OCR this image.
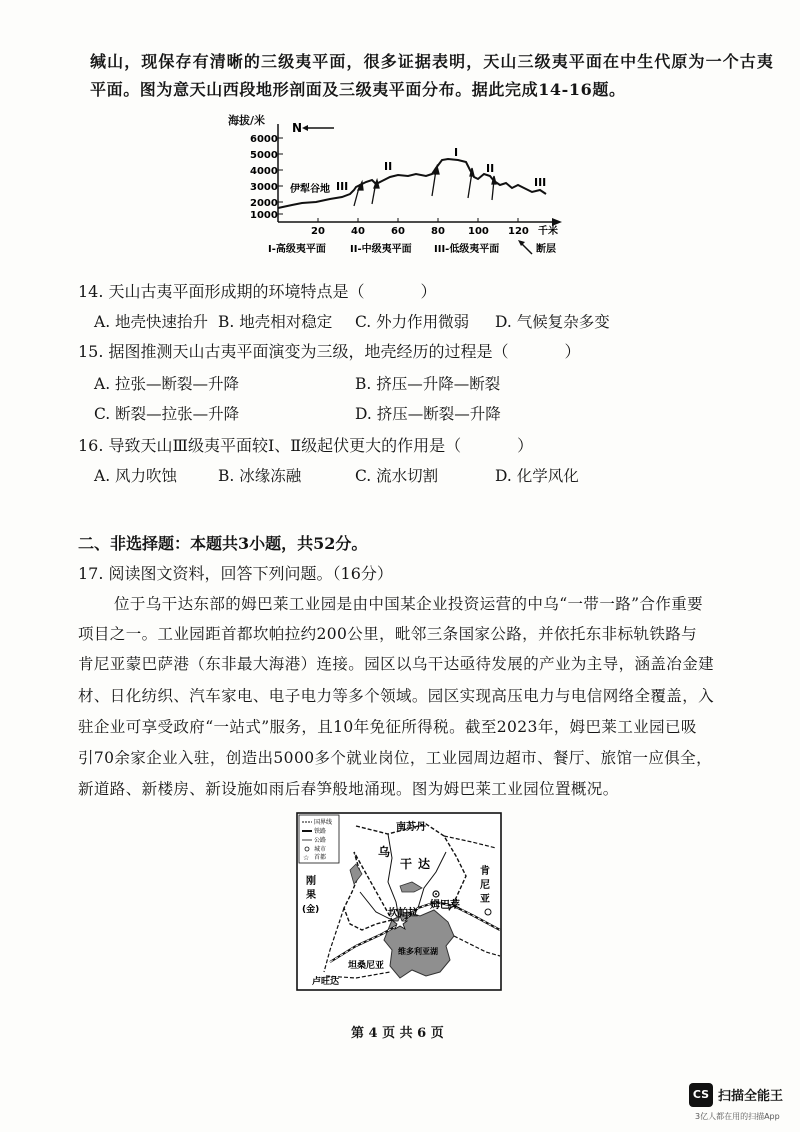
缄山，现保存有清晰的三级夷平面，很多证据表明，天山三级夷平面在中生代原为一个古夷
平面。图为意天山西段地形剖面及三级夷平面分布。据此完成14-16题。
海拔/米
6000
5000
4000
3000
2000
1000
20	40	60	80 100 120 千米
N
伊犁谷地 III
II
I
II
III
I-高级夷平面 II-中级夷平面 III-低级夷平面	断层
14. 天山古夷平面形成期的环境特点是（	）
A. 地壳快速抬升 B. 地壳相对稳定 C. 外力作用微弱 D. 气候复杂多变
15. 据图推测天山古夷平面演变为三级，地壳经历的过程是（	）
A. 拉张—断裂—升降	B. 挤压—升降—断裂
C. 断裂—拉张—升降	D. 挤压—断裂—升降
16. 导致天山Ⅲ级夷平面较Ⅰ、Ⅱ级起伏更大的作用是（	）
A. 风力吹蚀	B. 冰缘冻融	C. 流水切割	D. 化学风化
二、非选择题：本题共3小题，共52分。
17. 阅读图文资料，回答下列问题。（16分）
位于乌干达东部的姆巴莱工业园是由中国某企业投资运营的中乌“一带一路”合作重要
项目之一。工业园距首都坎帕拉约200公里，毗邻三条国家公路，并依托东非标轨铁路与
肯尼亚蒙巴萨港（东非最大海港）连接。园区以乌干达亟待发展的产业为主导，涵盖冶金建
材、日化纺织、汽车家电、电子电力等多个领域。园区实现高压电力与电信网络全覆盖，入
驻企业可享受政府“一站式”服务，且10年免征所得税。截至2023年，姆巴莱工业园已吸
引70余家企业入驻，创造出5000多个就业岗位，工业园周边超市、餐厅、旅馆一应俱全，
新道路、新楼房、新设施如雨后春笋般地涌现。图为姆巴莱工业园位置概况。
国界线
铁路
公路
城市
☆ 首都
南苏丹
乌
干 达
肯
尼
亚
刚
果
(金)	姆巴莱
坎帕拉
维多利亚湖
坦桑尼亚
卢旺达
第 4 页 共 6 页
CS 扫描全能王
3亿人都在用的扫描App
